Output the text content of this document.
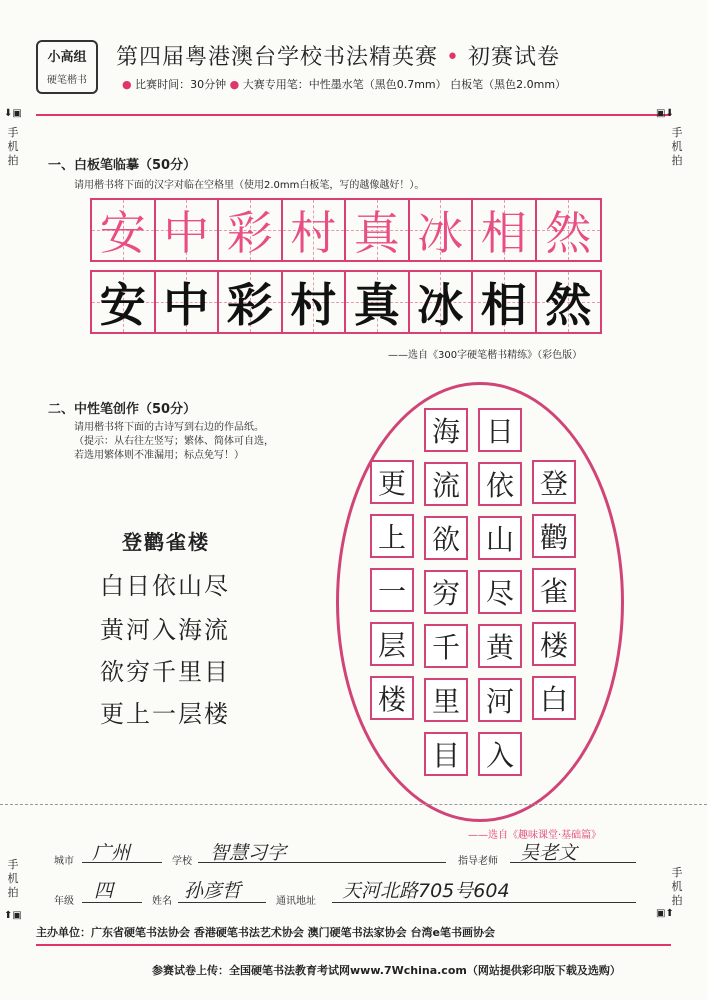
小高组
硬笔楷书
第四届粤港澳台学校书法精英赛 • 初赛试卷
● 比赛时间：30分钟 ● 大赛专用笔：中性墨水笔（黑色0.7mm） 白板笔（黑色2.0mm）
⬇▣
手机拍
▣⬇
手机拍
手机拍
⬆▣
手机拍
▣⬆
一、白板笔临摹（50分）
请用楷书将下面的汉字对临在空格里（使用2.0mm白板笔，写的越像越好！）。
安 中 彩 村 真 冰 相 然
安 中 彩 村 真 冰 相 然
——选自《300字硬笔楷书精练》（彩色版）
二、中性笔创作（50分）
请用楷书将下面的古诗写到右边的作品纸。
（提示：从右往左竖写；繁体、简体可自选，
若选用繁体则不准漏用；标点免写！）
登鹳雀楼
白日依山尽
黄河入海流
欲穷千里目
更上一层楼
登
鹳
雀
楼
白
日
依
山
尽
黄
河
入
海
流
欲
穷
千
里
目
更
上
一
层
楼
——选自《趣味课堂·基础篇》
城市 广州	学校 智慧习字	指导老师 吴老文
年级 四	姓名 孙彦哲	通讯地址 天河北路705号604
主办单位：广东省硬笔书法协会 香港硬笔书法艺术协会 澳门硬笔书法家协会 台湾e笔书画协会
参赛试卷上传：全国硬笔书法教育考试网www.7Wchina.com（网站提供彩印版下载及选购）
